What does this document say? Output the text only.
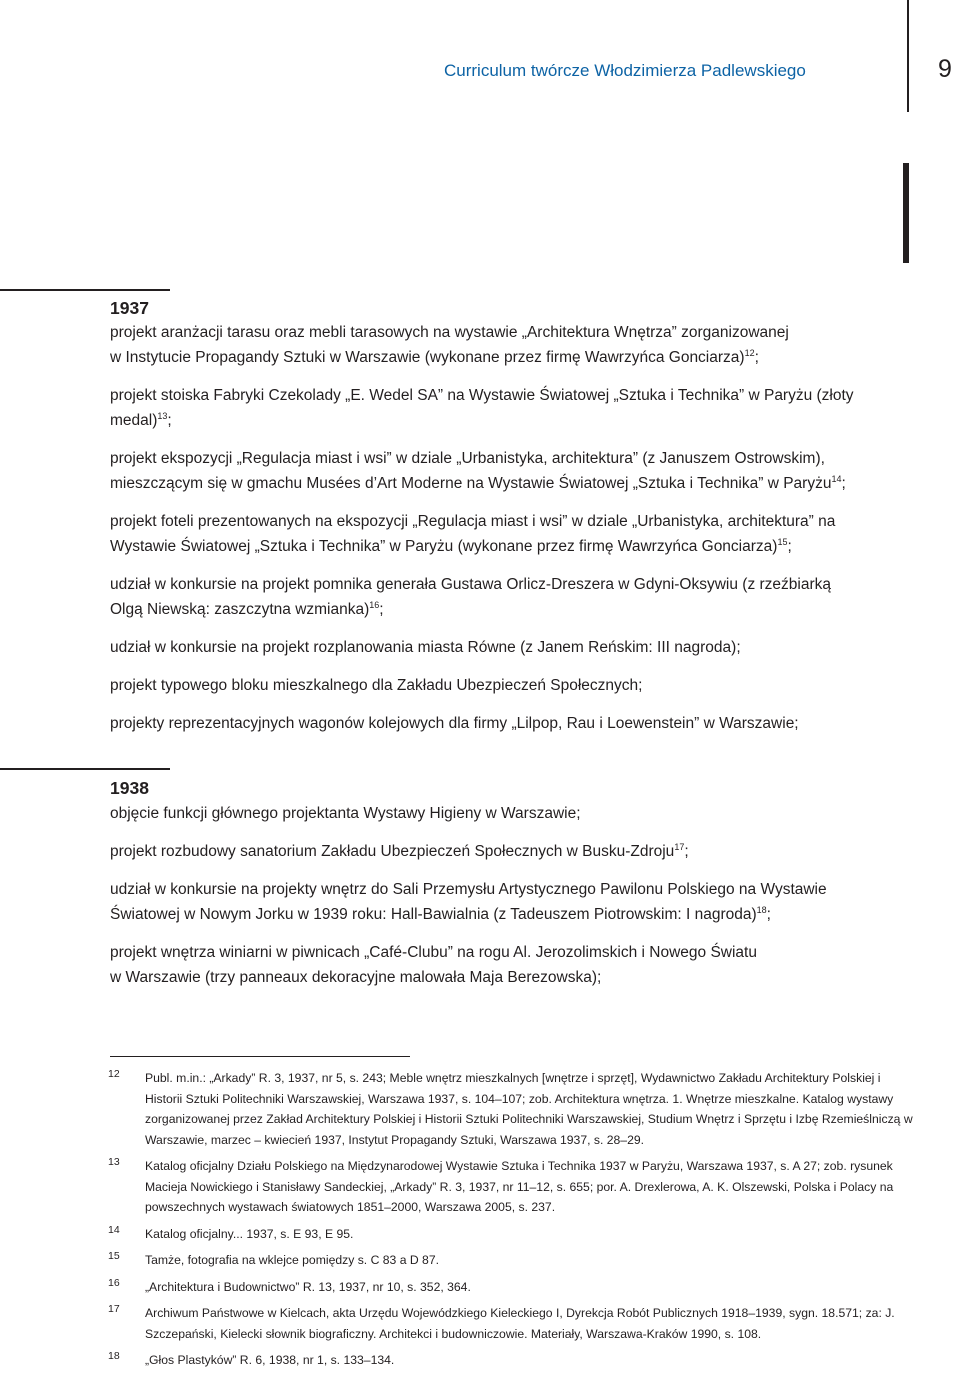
Curriculum twórcze Włodzimierza Padlewskiego	9
1937
projekt aranżacji tarasu oraz mebli tarasowych na wystawie „Architektura Wnętrza” zorganizowanej
w Instytucie Propagandy Sztuki w Warszawie (wykonane przez firmę Wawrzyńca Gonciarza)$^{12}$;
projekt stoiska Fabryki Czekolady „E. Wedel SA” na Wystawie Światowej „Sztuka i Technika” w Paryżu (złoty
medal)$^{13}$;
projekt ekspozycji „Regulacja miast i wsi” w dziale „Urbanistyka, architektura” (z Januszem Ostrowskim),
mieszczącym się w gmachu Musées d’Art Moderne na Wystawie Światowej „Sztuka i Technika” w Paryżu$^{14}$;
projekt foteli prezentowanych na ekspozycji „Regulacja miast i wsi” w dziale „Urbanistyka, architektura” na
Wystawie Światowej „Sztuka i Technika” w Paryżu (wykonane przez firmę Wawrzyńca Gonciarza)$^{15}$;
udział w konkursie na projekt pomnika generała Gustawa Orlicz-Dreszera w Gdyni-Oksywiu (z rzeźbiarką
Olgą Niewską: zaszczytna wzmianka)$^{16}$;
udział w konkursie na projekt rozplanowania miasta Równe (z Janem Reńskim: III nagroda);
projekt typowego bloku mieszkalnego dla Zakładu Ubezpieczeń Społecznych;
projekty reprezentacyjnych wagonów kolejowych dla firmy „Lilpop, Rau i Loewenstein” w Warszawie;
1938
objęcie funkcji głównego projektanta Wystawy Higieny w Warszawie;
projekt rozbudowy sanatorium Zakładu Ubezpieczeń Społecznych w Busku-Zdroju$^{17}$;
udział w konkursie na projekty wnętrz do Sali Przemysłu Artystycznego Pawilonu Polskiego na Wystawie
Światowej w Nowym Jorku w 1939 roku: Hall-Bawialnia (z Tadeuszem Piotrowskim: I nagroda)$^{18}$;
projekt wnętrza winiarni w piwnicach „Café-Clubu” na rogu Al. Jerozolimskich i Nowego Światu
w Warszawie (trzy panneaux dekoracyjne malowała Maja Berezowska);
12 Publ. m.in.: „Arkady” R. 3, 1937, nr 5, s. 243; Meble wnętrz mieszkalnych [wnętrze i sprzęt], Wydawnictwo Zakładu Architektury Polskiej i Historii Sztuki Politechniki Warszawskiej, Warszawa 1937, s. 104–107; zob. Architektura wnętrza. 1. Wnętrze mieszkalne. Katalog wystawy zorganizowanej przez Zakład Architektury Polskiej i Historii Sztuki Politechniki Warszawskiej, Studium Wnętrz i Sprzętu i Izbę Rzemieślniczą w Warszawie, marzec – kwiecień 1937, Instytut Propagandy Sztuki, Warszawa 1937, s. 28–29.
13 Katalog oficjalny Działu Polskiego na Międzynarodowej Wystawie Sztuka i Technika 1937 w Paryżu, Warszawa 1937, s. A 27; zob. rysunek Macieja Nowickiego i Stanisławy Sandeckiej, „Arkady” R. 3, 1937, nr 11–12, s. 655; por. A. Drexlerowa, A. K. Olszewski, Polska i Polacy na powszechnych wystawach światowych 1851–2000, Warszawa 2005, s. 237.
14 Katalog oficjalny... 1937, s. E 93, E 95.
15 Tamże, fotografia na wklejce pomiędzy s. C 83 a D 87.
16 „Architektura i Budownictwo” R. 13, 1937, nr 10, s. 352, 364.
17 Archiwum Państwowe w Kielcach, akta Urzędu Wojewódzkiego Kieleckiego I, Dyrekcja Robót Publicznych 1918–1939, sygn. 18.571; za: J. Szczepański, Kielecki słownik biograficzny. Architekci i budowniczowie. Materiały, Warszawa-Kraków 1990, s. 108.
18 „Głos Plastyków” R. 6, 1938, nr 1, s. 133–134.
